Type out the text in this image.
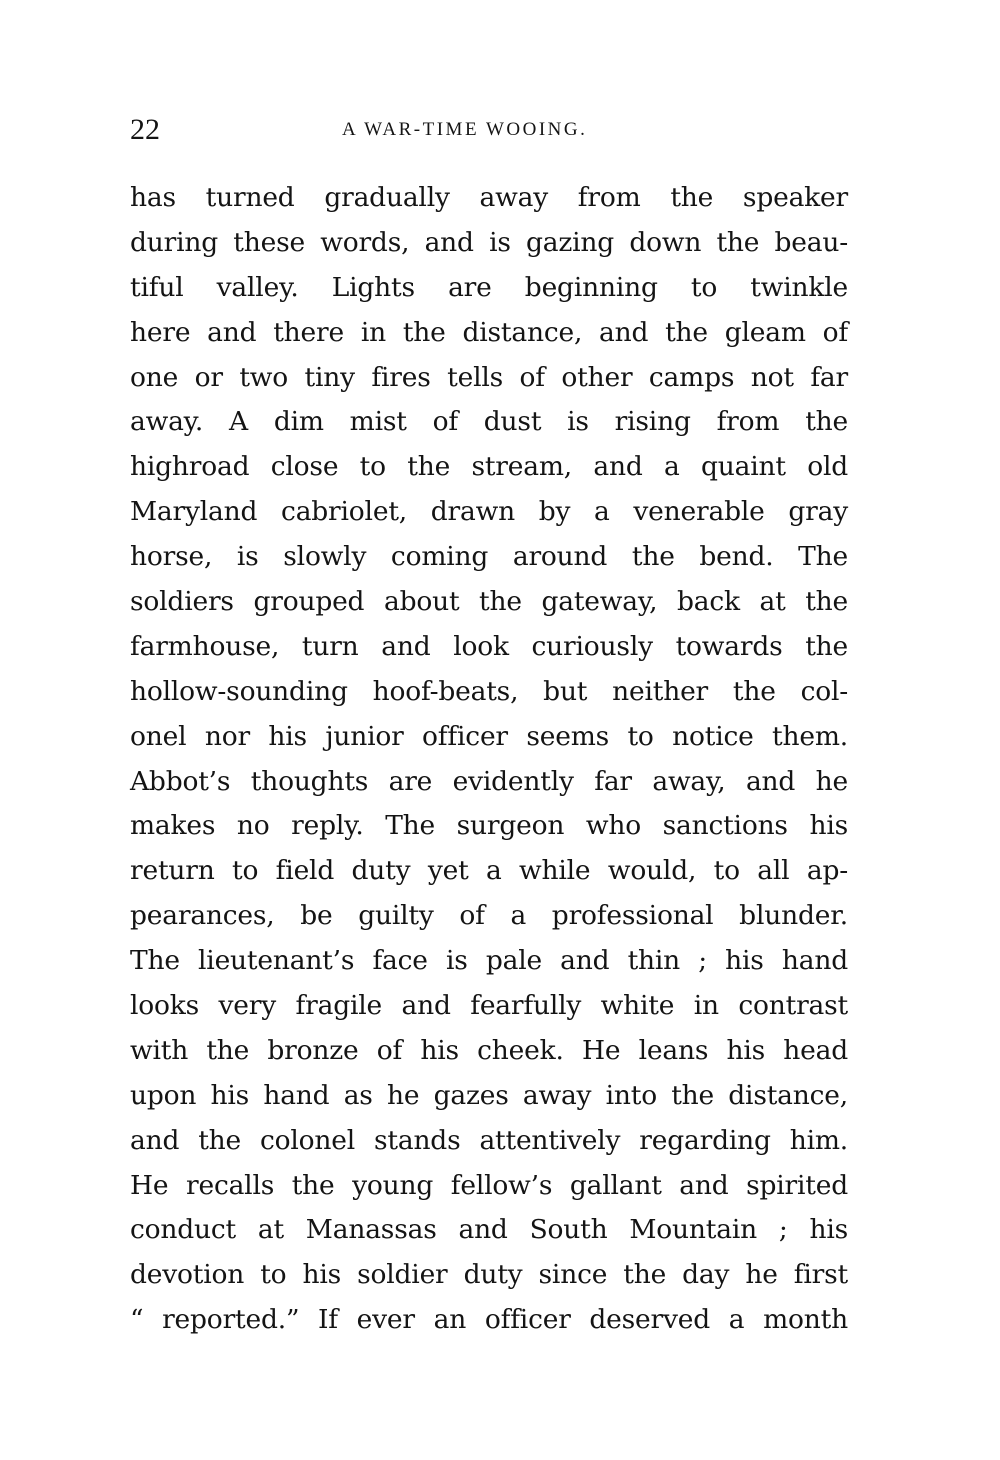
22	A WAR-TIME WOOING.
has turned gradually away from the speaker
during these words, and is gazing down the beau-
tiful valley. Lights are beginning to twinkle
here and there in the distance, and the gleam of
one or two tiny fires tells of other camps not far
away. A dim mist of dust is rising from the
highroad close to the stream, and a quaint old
Maryland cabriolet, drawn by a venerable gray
horse, is slowly coming around the bend. The
soldiers grouped about the gateway, back at the
farmhouse, turn and look curiously towards the
hollow-sounding hoof-beats, but neither the col-
onel nor his junior officer seems to notice them.
Abbot’s thoughts are evidently far away, and he
makes no reply. The surgeon who sanctions his
return to field duty yet a while would, to all ap-
pearances, be guilty of a professional blunder.
The lieutenant’s face is pale and thin ; his hand
looks very fragile and fearfully white in contrast
with the bronze of his cheek. He leans his head
upon his hand as he gazes away into the distance,
and the colonel stands attentively regarding him.
He recalls the young fellow’s gallant and spirited
conduct at Manassas and South Mountain ; his
devotion to his soldier duty since the day he first
“ reported.” If ever an officer deserved a month
